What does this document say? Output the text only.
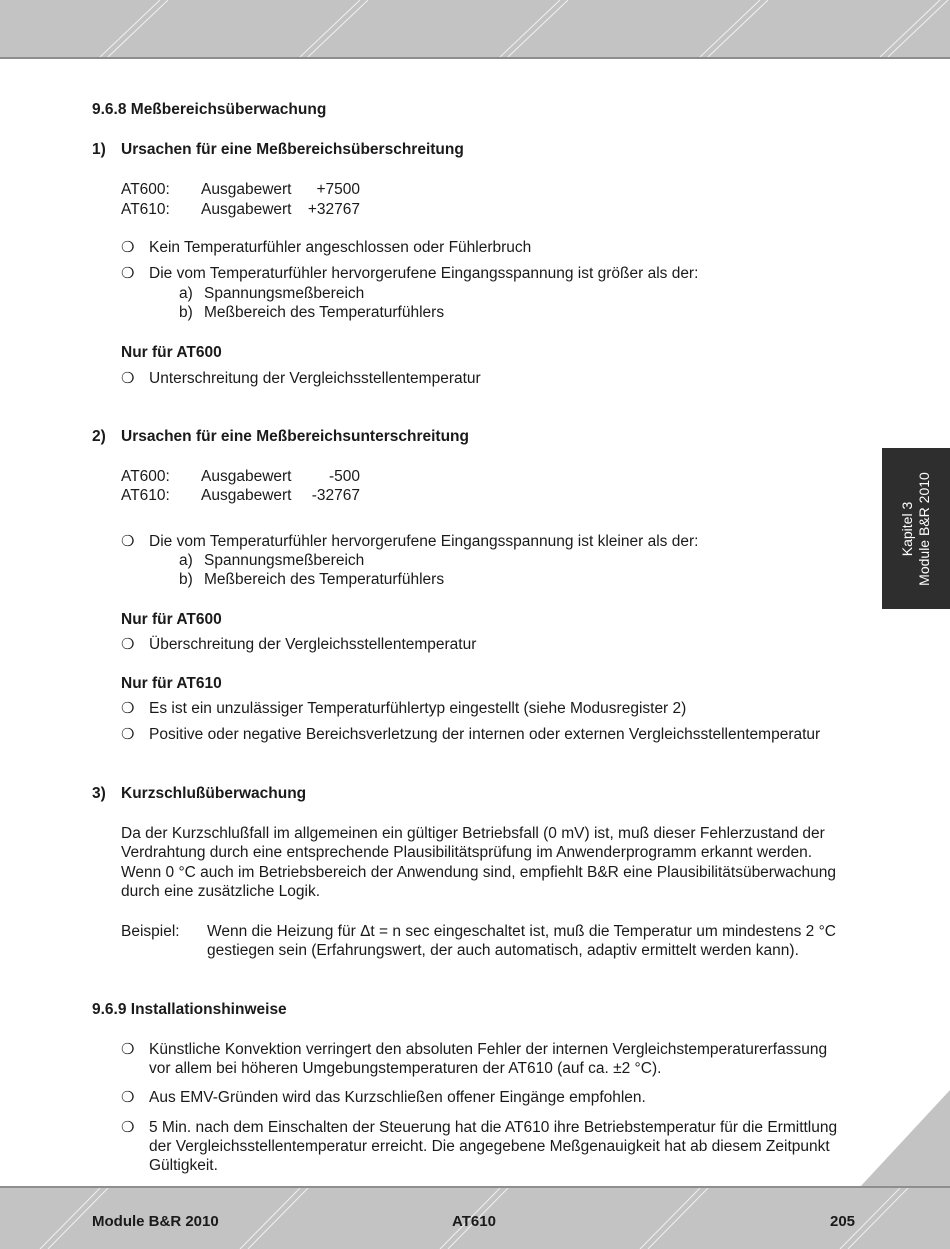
Kapitel 3 Module B&R 2010
9.6.8 Meßbereichsüberwachung
1) Ursachen für eine Meßbereichsüberschreitung
AT600: Ausgabewert	+7500
AT610: Ausgabewert	+32767
❍ Kein Temperaturfühler angeschlossen oder Fühlerbruch
❍ Die vom Temperaturfühler hervorgerufene Eingangsspannung ist größer als der:
a) Spannungsmeßbereich
b) Meßbereich des Temperaturfühlers
Nur für AT600
❍ Unterschreitung der Vergleichsstellentemperatur
2) Ursachen für eine Meßbereichsunterschreitung
AT600: Ausgabewert	-500
AT610: Ausgabewert	-32767
❍ Die vom Temperaturfühler hervorgerufene Eingangsspannung ist kleiner als der:
a) Spannungsmeßbereich
b) Meßbereich des Temperaturfühlers
Nur für AT600
❍ Überschreitung der Vergleichsstellentemperatur
Nur für AT610
❍ Es ist ein unzulässiger Temperaturfühlertyp eingestellt (siehe Modusregister 2)
❍ Positive oder negative Bereichsverletzung der internen oder externen Vergleichsstellentemperatur
3) Kurzschlußüberwachung
Da der Kurzschlußfall im allgemeinen ein gültiger Betriebsfall (0 mV) ist, muß dieser Fehlerzustand der
Verdrahtung durch eine entsprechende Plausibilitätsprüfung im Anwenderprogramm erkannt werden.
Wenn 0 °C auch im Betriebsbereich der Anwendung sind, empfiehlt B&R eine Plausibilitätsüberwachung
durch eine zusätzliche Logik.
Beispiel: Wenn die Heizung für Δt = n sec eingeschaltet ist, muß die Temperatur um mindestens 2 °C
gestiegen sein (Erfahrungswert, der auch automatisch, adaptiv ermittelt werden kann).
9.6.9 Installationshinweise
❍ Künstliche Konvektion verringert den absoluten Fehler der internen Vergleichstemperaturerfassung
vor allem bei höheren Umgebungstemperaturen der AT610 (auf ca. ±2 °C).
❍ Aus EMV-Gründen wird das Kurzschließen offener Eingänge empfohlen.
❍ 5 Min. nach dem Einschalten der Steuerung hat die AT610 ihre Betriebstemperatur für die Ermittlung
der Vergleichsstellentemperatur erreicht. Die angegebene Meßgenauigkeit hat ab diesem Zeitpunkt
Gültigkeit.
Module B&R 2010	AT610	205
